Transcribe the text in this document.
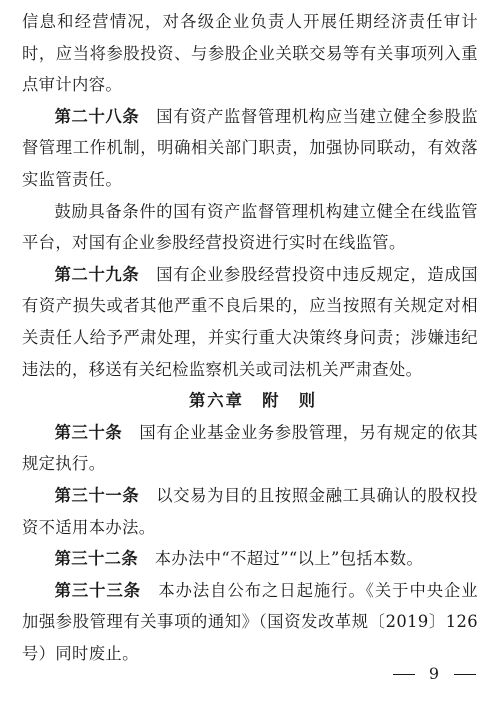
信息和经营情况，对各级企业负责人开展任期经济责任审计时，应当将参股投资、与参股企业关联交易等有关事项列入重点审计内容。

第二十八条　国有资产监督管理机构应当建立健全参股监督管理工作机制，明确相关部门职责，加强协同联动，有效落实监管责任。

鼓励具备条件的国有资产监督管理机构建立健全在线监管平台，对国有企业参股经营投资进行实时在线监管。

第二十九条　国有企业参股经营投资中违反规定，造成国有资产损失或者其他严重不良后果的，应当按照有关规定对相关责任人给予严肃处理，并实行重大决策终身问责；涉嫌违纪违法的，移送有关纪检监察机关或司法机关严肃查处。

第六章　附　则

第三十条　国有企业基金业务参股管理，另有规定的依其规定执行。

第三十一条　以交易为目的且按照金融工具确认的股权投资不适用本办法。

第三十二条　本办法中“不超过”“以上”包括本数。

第三十三条　本办法自公布之日起施行。《关于中央企业加强参股管理有关事项的通知》（国资发改革规〔2019〕126号）同时废止。

9
